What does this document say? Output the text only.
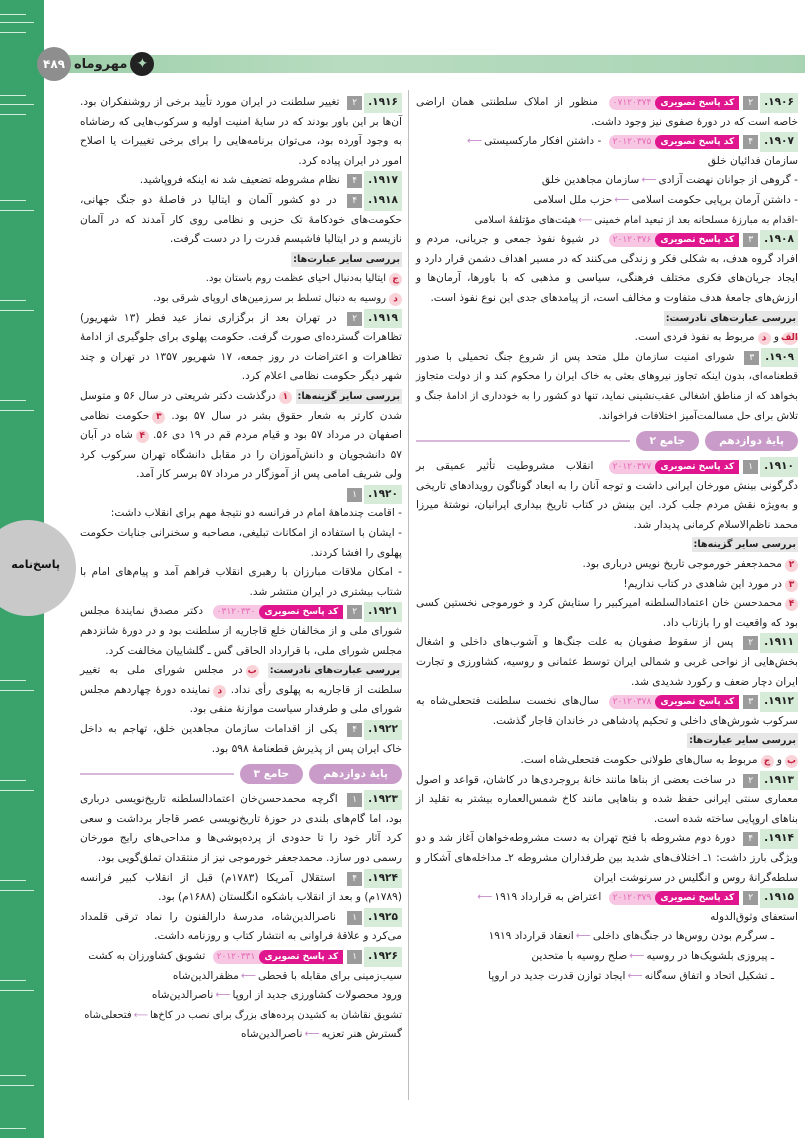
۴۸۹	✦
مهروماه
پاسخ‌نامه

۱۹۰۶.۲کد پاسخ تصویری۰۷۱۲۰۳۷۴ منظور از املاک سلطنتی همان اراضی خاصه است که در دورهٔ صفوی نیز وجود داشت.

۱۹۰۷.۴کد پاسخ تصویری۲۰۱۲۰۳۷۵ - داشتن افکار مارکسیستی⟵
سازمان فدائیان خلق

- گروهی از جوانان نهضت آزادی⟵سازمان مجاهدین خلق

- داشتن آرمان برپایی حکومت اسلامی⟵حزب ملل اسلامی

-اقدام به مبارزهٔ مسلحانه بعد از تبعید امام خمینی⟵هیئت‌های مؤتلفهٔ اسلامی

۱۹۰۸.۳کد پاسخ تصویری۲۰۱۲۰۳۷۶ در شیوهٔ نفوذ جمعی و جریانی، مردم و افراد گروه هدف، به شکلی فکر و زندگی می‌کنند که در مسیر اهداف دشمن قرار دارد و ایجاد جریان‌های فکری مختلف فرهنگی، سیاسی و مذهبی که با باورها، آرمان‌ها و ارزش‌های جامعهٔ هدف متفاوت و مخالف است، از پیامدهای جدی این نوع نفوذ است.

بررسی عبارت‌های نادرست:

الفو دمربوط به نفوذ فردی است.

۱۹۰۹.۳ شورای امنیت سازمان ملل متحد پس از شروع جنگ تحمیلی با صدور قطعنامه‌ای، بدون اینکه تجاوز نیروهای بعثی به خاک ایران را محکوم کند و از دولت متجاوز بخواهد که از مناطق اشغالی عقب‌نشینی نماید، تنها دو کشور را به خودداری از ادامهٔ جنگ و تلاش برای حل مسالمت‌آمیز اختلافات فراخواند.

پایهٔ دوازدهم
جامع ۲

۱۹۱۰.۱کد پاسخ تصویری۲۰۱۲۰۳۷۷ انقلاب مشروطیت تأثیر عمیقی بر دگرگونی بینش مورخان ایرانی داشت و توجه آنان را به ابعاد گوناگون رویدادهای تاریخی و به‌ویژه نقش مردم جلب کرد. این بینش در کتاب تاریخ بیداری ایرانیان، نوشتهٔ میرزا محمد ناظم‌الاسلام کرمانی پدیدار شد.

بررسی سایر گزینه‌ها:

۲محمدجعفر خورموجی تاریخ نویس درباری بود.

۳در مورد این شاهدی در کتاب نداریم!

۴محمدحسن خان اعتمادالسلطنه امیرکبیر را ستایش کرد و خورموجی نخستین کسی بود که واقعیت او را بازتاب داد.

۱۹۱۱.۲ پس از سقوط صفویان به علت جنگ‌ها و آشوب‌های داخلی و اشغال بخش‌هایی از نواحی غربی و شمالی ایران توسط عثمانی و روسیه، کشاورزی و تجارت ایران دچار ضعف و رکورد شدیدی شد.

۱۹۱۲.۳کد پاسخ تصویری۲۰۱۲۰۳۷۸ سال‌های نخست سلطنت فتحعلی‌شاه به سرکوب شورش‌های داخلی و تحکیم پادشاهی در خاندان قاجار گذشت.

بررسی سایر عبارت‌ها:

بو جمربوط به سال‌های طولانی حکومت فتحعلی‌شاه است.

۱۹۱۳.۲ در ساخت بعضی از بناها مانند خانهٔ بروجردی‌ها در کاشان، قواعد و اصول معماری سنتی ایرانی حفظ شده و بناهایی مانند کاخ شمس‌العماره بیشتر به تقلید از بناهای اروپایی ساخته شده است.

۱۹۱۴.۴ دورهٔ دوم مشروطه با فتح تهران به دست مشروطه‌خواهان آغاز شد و دو ویژگی بارز داشت: ۱ـ اختلاف‌های شدید بین طرفداران مشروطه ۲ـ مداخله‌های آشکار و سلطه‌گرانهٔ روس و انگلیس در سرنوشت ایران

۱۹۱۵.۲کد پاسخ تصویری۲۰۱۲۰۳۷۹ اعتراض به قرارداد ۱۹۱۹⟵
استعفای وثوق‌الدوله

ـ سرگرم بودن روس‌ها در جنگ‌های داخلی⟵انعقاد قرارداد ۱۹۱۹

ـ پیروزی بلشویک‌ها در روسیه⟵صلح روسیه با متحدین

ـ تشکیل اتحاد و اتفاق سه‌گانه⟵ایجاد توازن قدرت جدید در اروپا

۱۹۱۶.۲ تغییر سلطنت در ایران مورد تأیید برخی از روشنفکران بود. آن‌ها بر این باور بودند که در سایهٔ امنیت اولیه و سرکوب‌هایی که رضاشاه به وجود آورده بود، می‌توان برنامه‌هایی را برای برخی تغییرات یا اصلاح امور در ایران پیاده کرد.

۱۹۱۷.۴ نظام مشروطه تضعیف شد نه اینکه فروپاشید.

۱۹۱۸.۴ در دو کشور آلمان و ایتالیا در فاصلهٔ دو جنگ جهانی، حکومت‌های خودکامهٔ تک حزبی و نظامی روی کار آمدند که در آلمان نازیسم و در ایتالیا فاشیسم قدرت را در دست گرفت.

بررسی سایر عبارت‌ها:

جایتالیا به‌دنبال احیای عظمت روم باستان بود.

دروسیه به دنبال تسلط بر سرزمین‌های اروپای شرقی بود.

۱۹۱۹.۲ در تهران بعد از برگزاری نماز عید فطر (۱۳ شهریور) تظاهرات گسترده‌ای صورت گرفت. حکومت پهلوی برای جلوگیری از ادامهٔ تظاهرات و اعتراضات در روز جمعه، ۱۷ شهریور ۱۳۵۷ در تهران و چند شهر دیگر حکومت نظامی اعلام کرد.

بررسی سایر گزینه‌ها: ۱درگذشت دکتر شریعتی در سال ۵۶ و متوسل شدن کارتر به شعار حقوق بشر در سال ۵۷ بود. ۳حکومت نظامی اصفهان در مرداد ۵۷ بود و قیام مردم قم در ۱۹ دی ۵۶. ۴شاه در آبان ۵۷ دانشجویان و دانش‌آموزان را در مقابل دانشگاه تهران سرکوب کرد ولی شریف امامی پس از آموزگار در مرداد ۵۷ برسر کار آمد.

۱۹۲۰.۱

- اقامت چندماههٔ امام در فرانسه دو نتیجهٔ مهم برای انقلاب داشت:

- ایشان با استفاده از امکانات تبلیغی، مصاحبه و سخنرانی جنایات حکومت پهلوی را افشا کردند.

- امکان ملاقات مبارزان با رهبری انقلاب فراهم آمد و پیام‌های امام با شتاب بیشتری در ایران منتشر شد.

۱۹۲۱.۲کد پاسخ تصویری۰۳۱۲۰۳۳۰ دکتر مصدق نمایندهٔ مجلس شورای ملی و از مخالفان خلع قاجاریه از سلطنت بود و در دورهٔ شانزدهم مجلس شورای ملی، با قرارداد الحاقی گس ـ گلشاییان مخالفت کرد.

بررسی عبارت‌های نادرست: بدر مجلس شورای ملی به تغییر سلطنت از قاجاریه به پهلوی رأی نداد. دنماینده دورهٔ چهاردهم مجلس شورای ملی و طرفدار سیاست موازنهٔ منفی بود.

۱۹۲۲.۴ یکی از اقدامات سازمان مجاهدین خلق، تهاجم به داخل خاک ایران پس از پذیرش قطعنامهٔ ۵۹۸ بود.

پایهٔ دوازدهم
جامع ۳

۱۹۲۳.۱ اگرچه محمدحسن‌خان اعتمادالسلطنه تاریخ‌نویسی درباری بود، اما گام‌های بلندی در حوزهٔ تاریخ‌نویسی عصر قاجار برداشت و سعی کرد آثار خود را تا حدودی از پرده‌پوشی‌ها و مداحی‌های رایج مورخان رسمی دور سازد. محمدجعفر خورموجی نیز از منتقدان تملق‌گویی بود.

۱۹۲۴.۴ استقلال آمریکا (۱۷۸۳م) قبل از انقلاب کبیر فرانسه (۱۷۸۹م) و بعد از انقلاب باشکوه انگلستان (۱۶۸۸م) بود.

۱۹۲۵.۱ ناصرالدین‌شاه، مدرسهٔ دارالفنون را نماد ترقی قلمداد می‌کرد و علاقهٔ فراوانی به انتشار کتاب و روزنامه داشت.

۱۹۲۶.۱کد پاسخ تصویری۲۰۱۲۰۳۳۱ تشویق کشاورزان به کشت

سیب‌زمینی برای مقابله با قحطی⟵مظفرالدین‌شاه

ورود محصولات کشاورزی جدید از اروپا⟵ناصرالدین‌شاه

تشویق نقاشان به کشیدن پرده‌های بزرگ برای نصب در کاخ‌ها⟵فتحعلی‌شاه

گسترش هنر تعزیه⟵ناصرالدین‌شاه
